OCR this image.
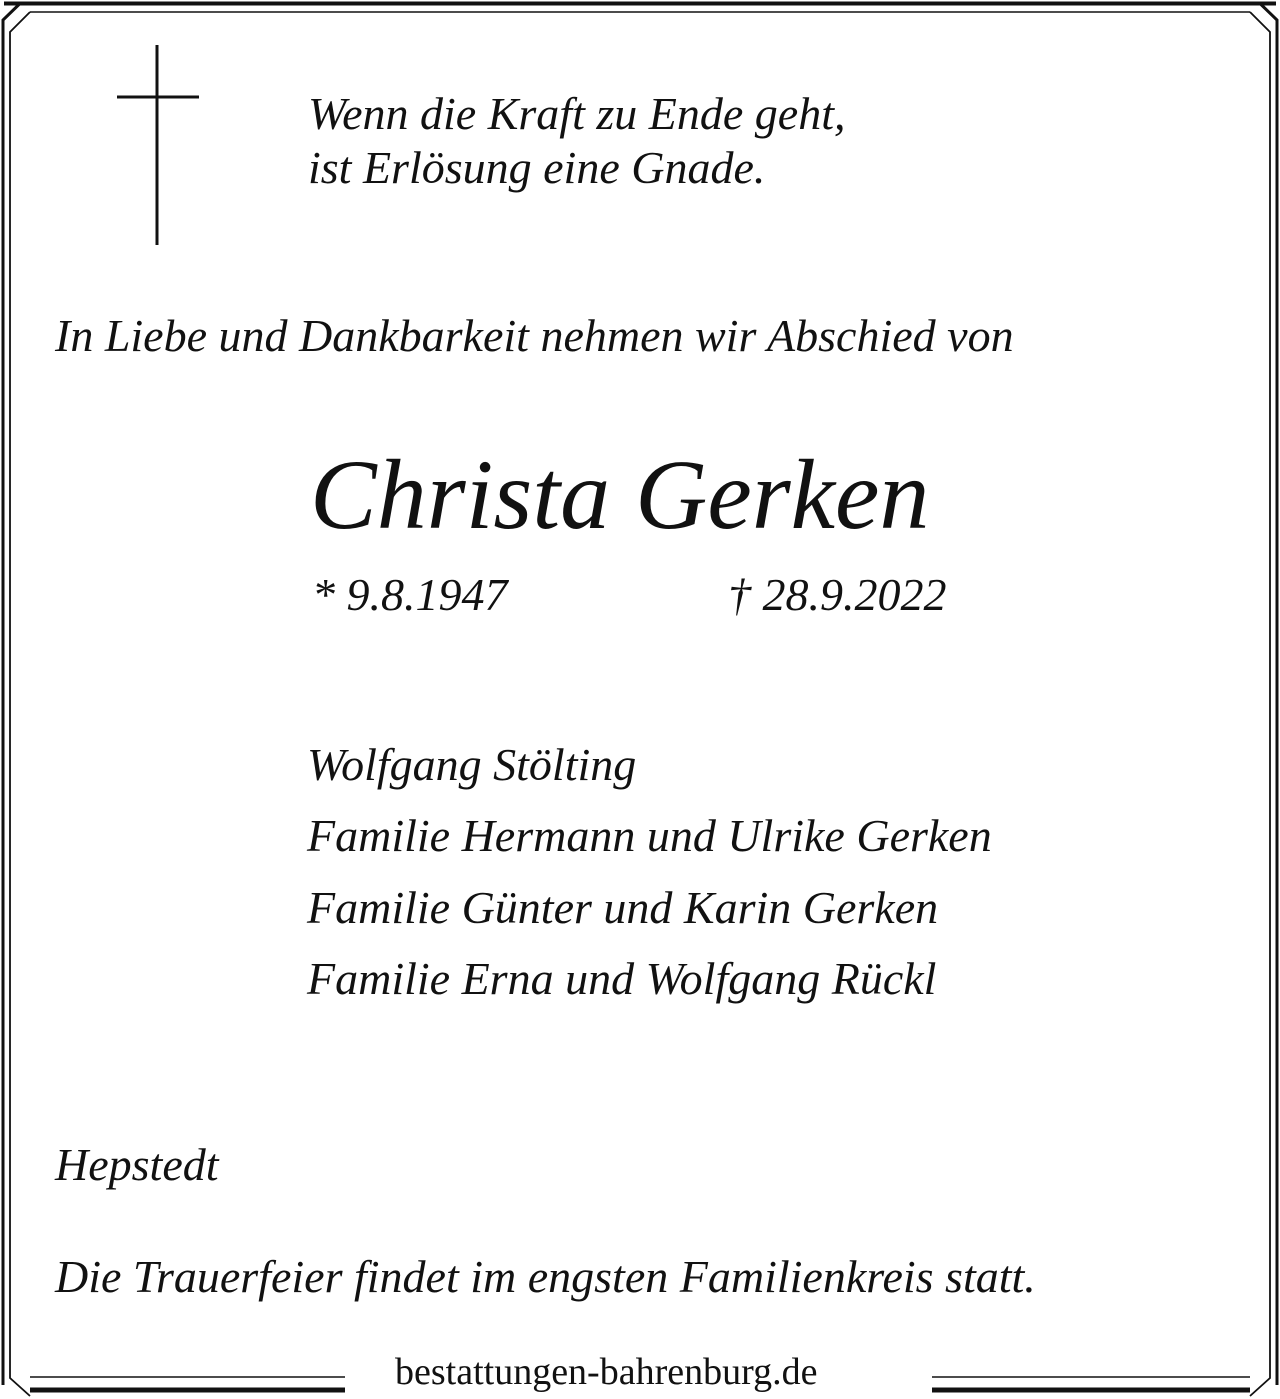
Wenn die Kraft zu Ende geht,
ist Erlösung eine Gnade.
In Liebe und Dankbarkeit nehmen wir Abschied von
Christa Gerken
* 9.8.1947	† 28.9.2022
Wolfgang Stölting
Familie Hermann und Ulrike Gerken
Familie Günter und Karin Gerken
Familie Erna und Wolfgang Rückl
Hepstedt
Die Trauerfeier findet im engsten Familienkreis statt.
bestattungen-bahrenburg.de
